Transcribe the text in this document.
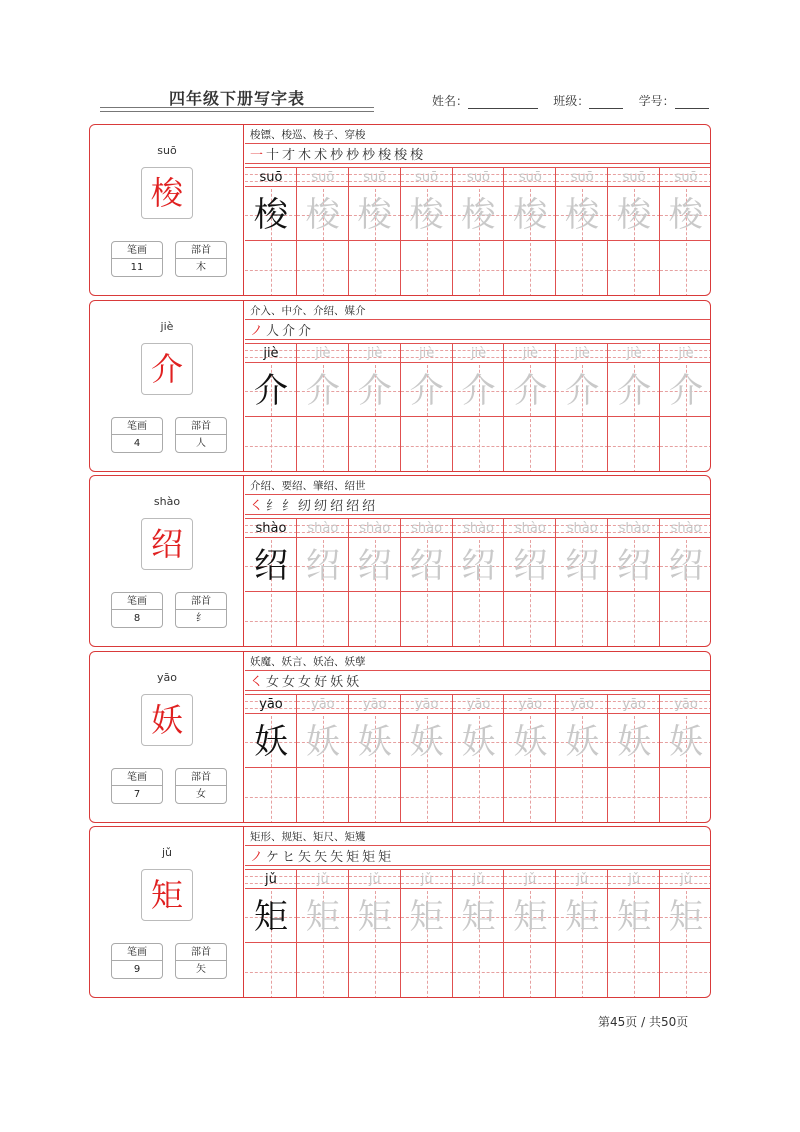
四年级下册写字表	姓名：	班级：	学号：
suō
梭
笔画
11
部首
木
梭镖、梭巡、梭子、穿梭
一 十 才 木 术 杪 杪 杪 梭 梭 梭
suō
梭
suō
梭
suō
梭
suō
梭
suō
梭
suō
梭
suō
梭
suō
梭
suō
梭
jiè
介
笔画
4
部首
人
介入、中介、介绍、媒介
ノ 人 介 介
jiè
介
jiè
介
jiè
介
jiè
介
jiè
介
jiè
介
jiè
介
jiè
介
jiè
介
shào
绍
笔画
8
部首
纟
介绍、要绍、肇绍、绍世
㇛ 纟 纟 纫 纫 绍 绍 绍
shào
绍
shào
绍
shào
绍
shào
绍
shào
绍
shào
绍
shào
绍
shào
绍
shào
绍
yāo
妖
笔画
7
部首
女
妖魔、妖言、妖冶、妖孽
㇛ 女 女 女 好 妖 妖
yāo
妖
yāo
妖
yāo
妖
yāo
妖
yāo
妖
yāo
妖
yāo
妖
yāo
妖
yāo
妖
jǔ
矩
笔画
9
部首
矢
矩形、规矩、矩尺、矩矱
ノ ケ ヒ 矢 矢 矢 矩 矩 矩
jǔ
矩
jǔ
矩
jǔ
矩
jǔ
矩
jǔ
矩
jǔ
矩
jǔ
矩
jǔ
矩
jǔ
矩
第45页 / 共50页
